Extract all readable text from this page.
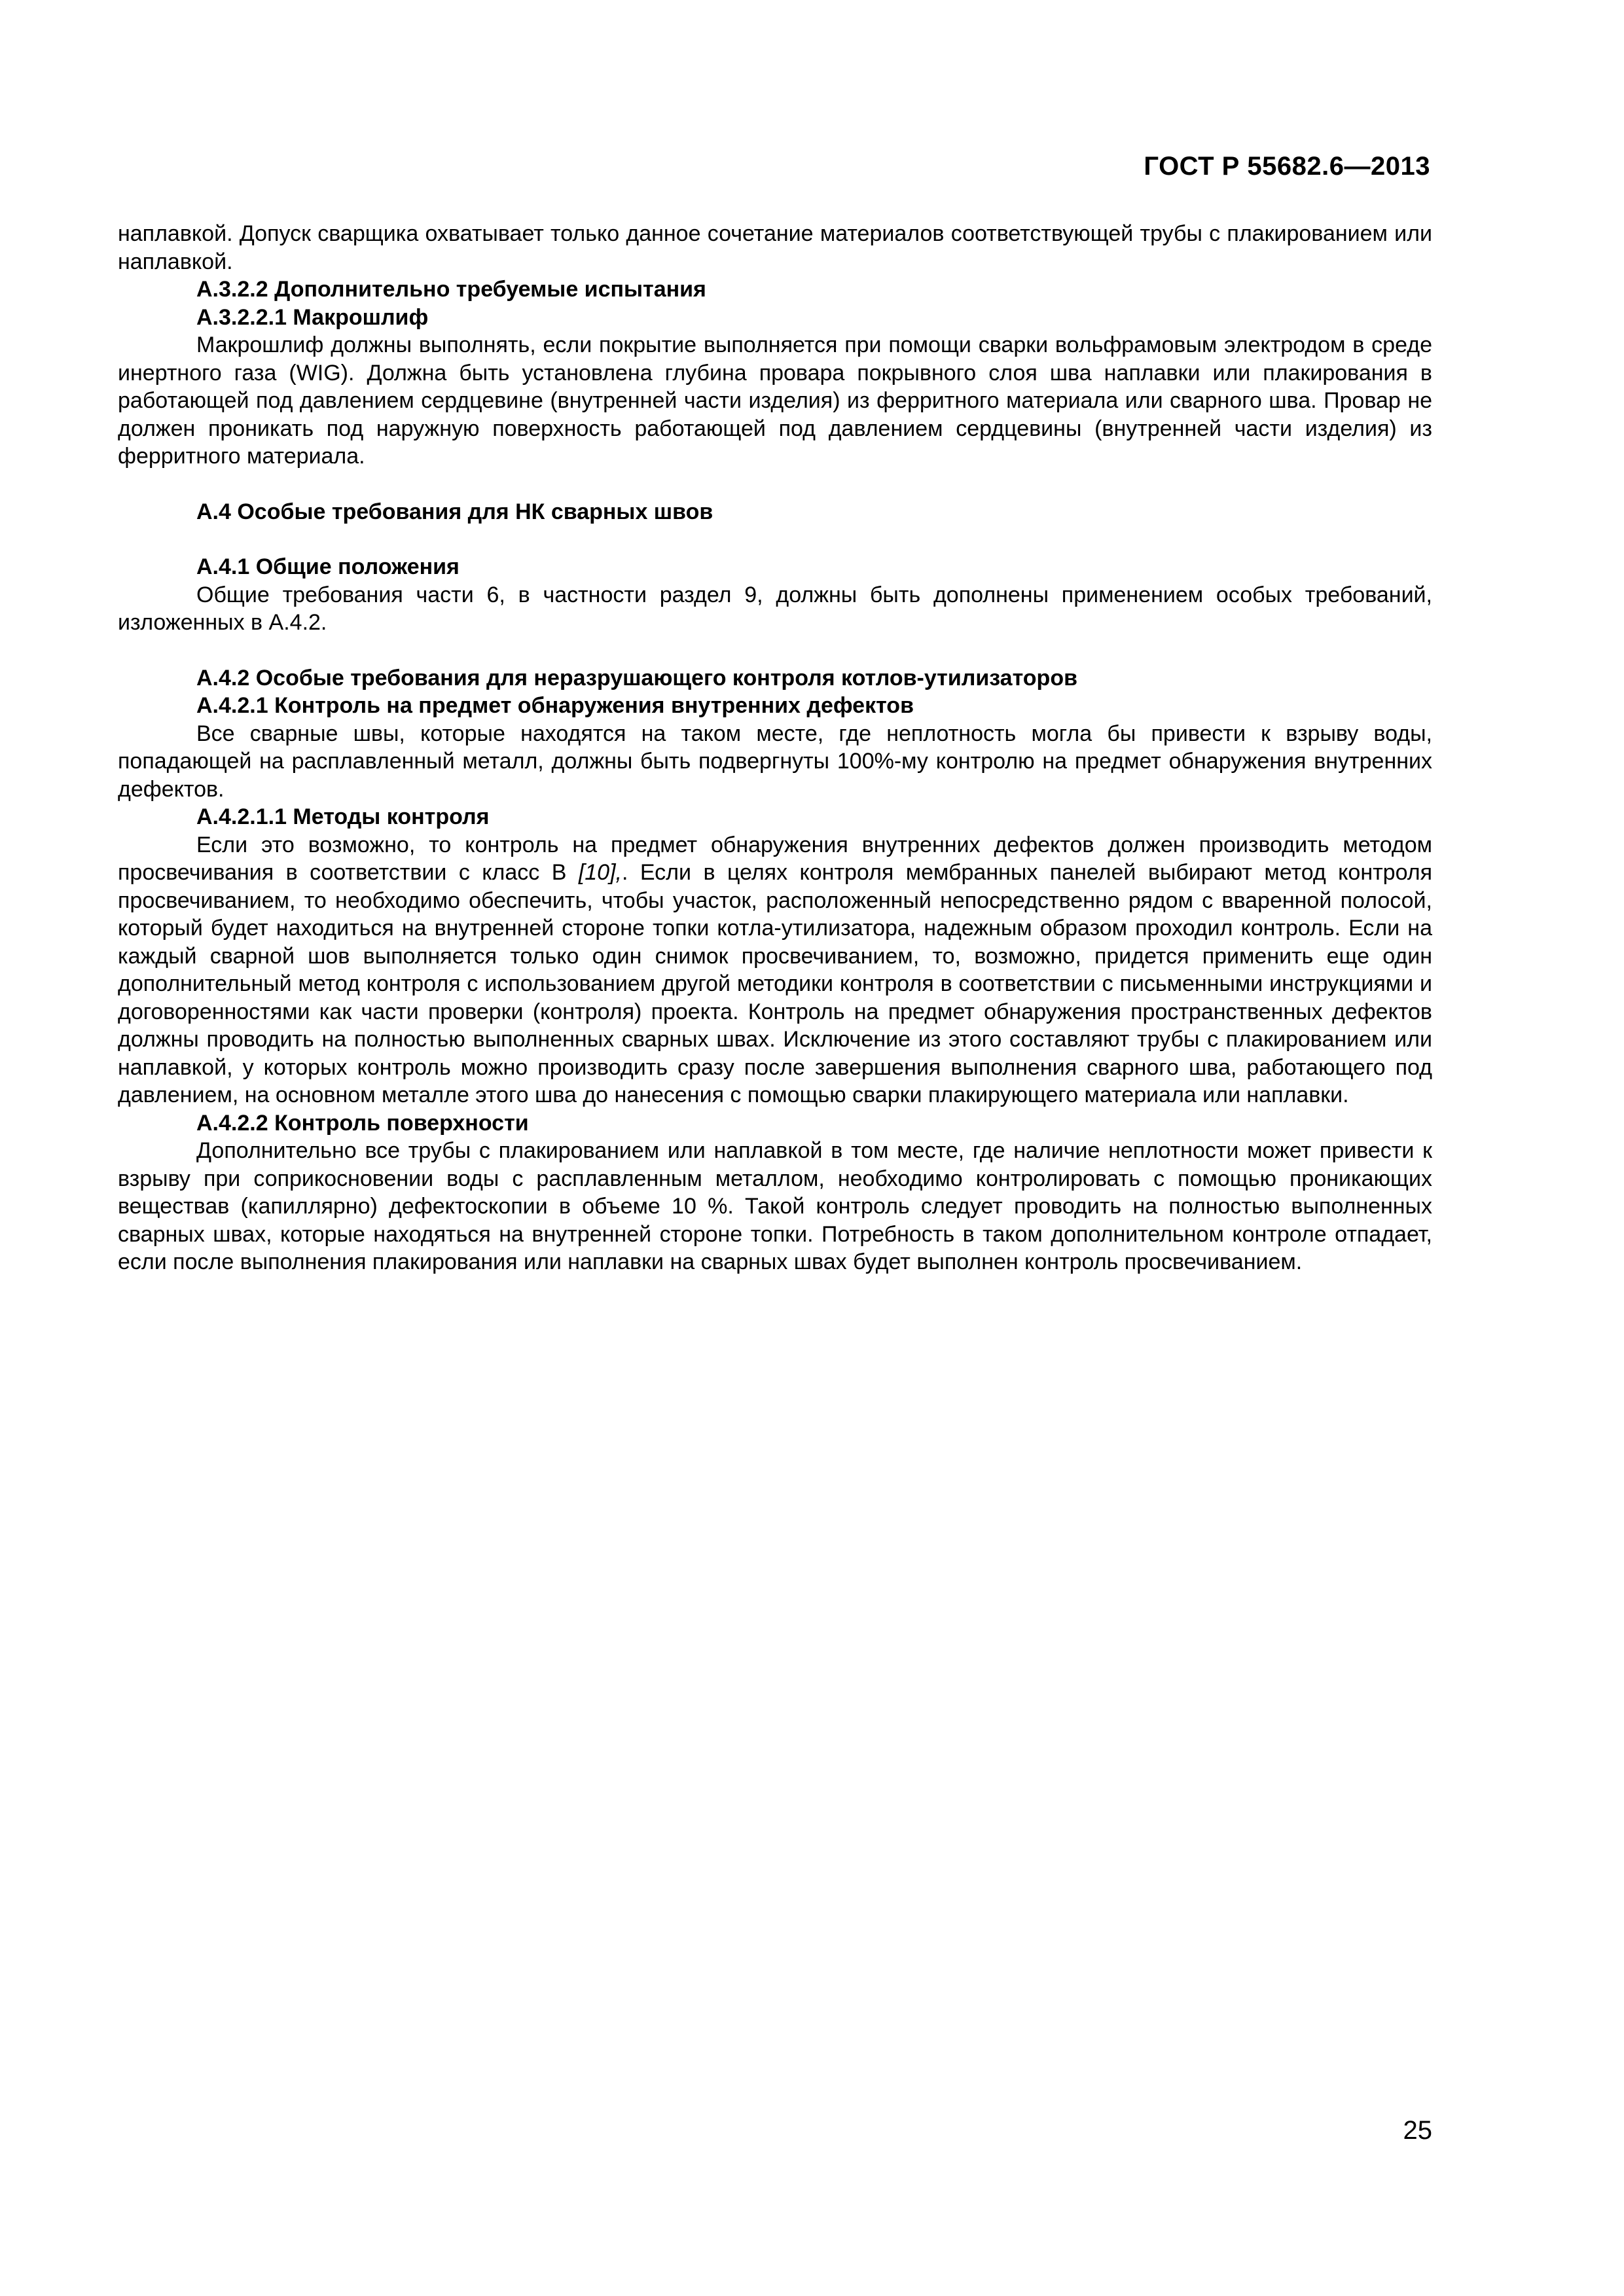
ГОСТ Р 55682.6—2013

наплавкой. Допуск сварщика охватывает только данное сочетание материалов соответствующей трубы с плакированием или наплавкой.

А.3.2.2 Дополнительно требуемые испытания

А.3.2.2.1 Макрошлиф

Макрошлиф должны выполнять, если покрытие выполняется при помощи сварки вольфрамовым электродом в среде инертного газа (WIG). Должна быть установлена глубина провара покрывного слоя шва наплавки или плакирования в работающей под давлением сердцевине (внутренней части изделия) из ферритного материала или сварного шва. Провар не должен проникать под наружную поверхность работающей под давлением сердцевины (внутренней части изделия) из ферритного материала.

А.4 Особые требования для НК сварных швов

А.4.1 Общие положения

Общие требования части 6, в частности раздел 9, должны быть дополнены применением особых требований, изложенных в А.4.2.

А.4.2 Особые требования для неразрушающего контроля котлов-утилизаторов

А.4.2.1 Контроль на предмет обнаружения внутренних дефектов

Все сварные швы, которые находятся на таком месте, где неплотность могла бы привести к взрыву воды, попадающей на расплавленный металл, должны быть подвергнуты 100%-му контролю на предмет обнаружения внутренних дефектов.

А.4.2.1.1 Методы контроля

Если это возможно, то контроль на предмет обнаружения внутренних дефектов должен производить методом просвечивания в соответствии с класс В [10],. Если в целях контроля мембранных панелей выбирают метод контроля просвечиванием, то необходимо обеспечить, чтобы участок, расположенный непосредственно рядом с вваренной полосой, который будет находиться на внутренней стороне топки котла-утилизатора, надежным образом проходил контроль. Если на каждый сварной шов выполняется только один снимок просвечиванием, то, возможно, придется применить еще один дополнительный метод контроля с использованием другой методики контроля в соответствии с письменными инструкциями и договоренностями как части проверки (контроля) проекта. Контроль на предмет обнаружения пространственных дефектов должны проводить на полностью выполненных сварных швах. Исключение из этого составляют трубы с плакированием или наплавкой, у которых контроль можно производить сразу после завершения выполнения сварного шва, работающего под давлением, на основном металле этого шва до нанесения с помощью сварки плакирующего материала или наплавки.

А.4.2.2 Контроль поверхности

Дополнительно все трубы с плакированием или наплавкой в том месте, где наличие неплотности может привести к взрыву при соприкосновении воды с расплавленным металлом, необходимо контролировать с помощью проникающих веществав (капиллярно) дефектоскопии в объеме 10 %. Такой контроль следует проводить на полностью выполненных сварных швах, которые находяться на внутренней стороне топки. Потребность в таком дополнительном контроле отпадает, если после выполнения плакирования или наплавки на сварных швах будет выполнен контроль просвечиванием.

25
